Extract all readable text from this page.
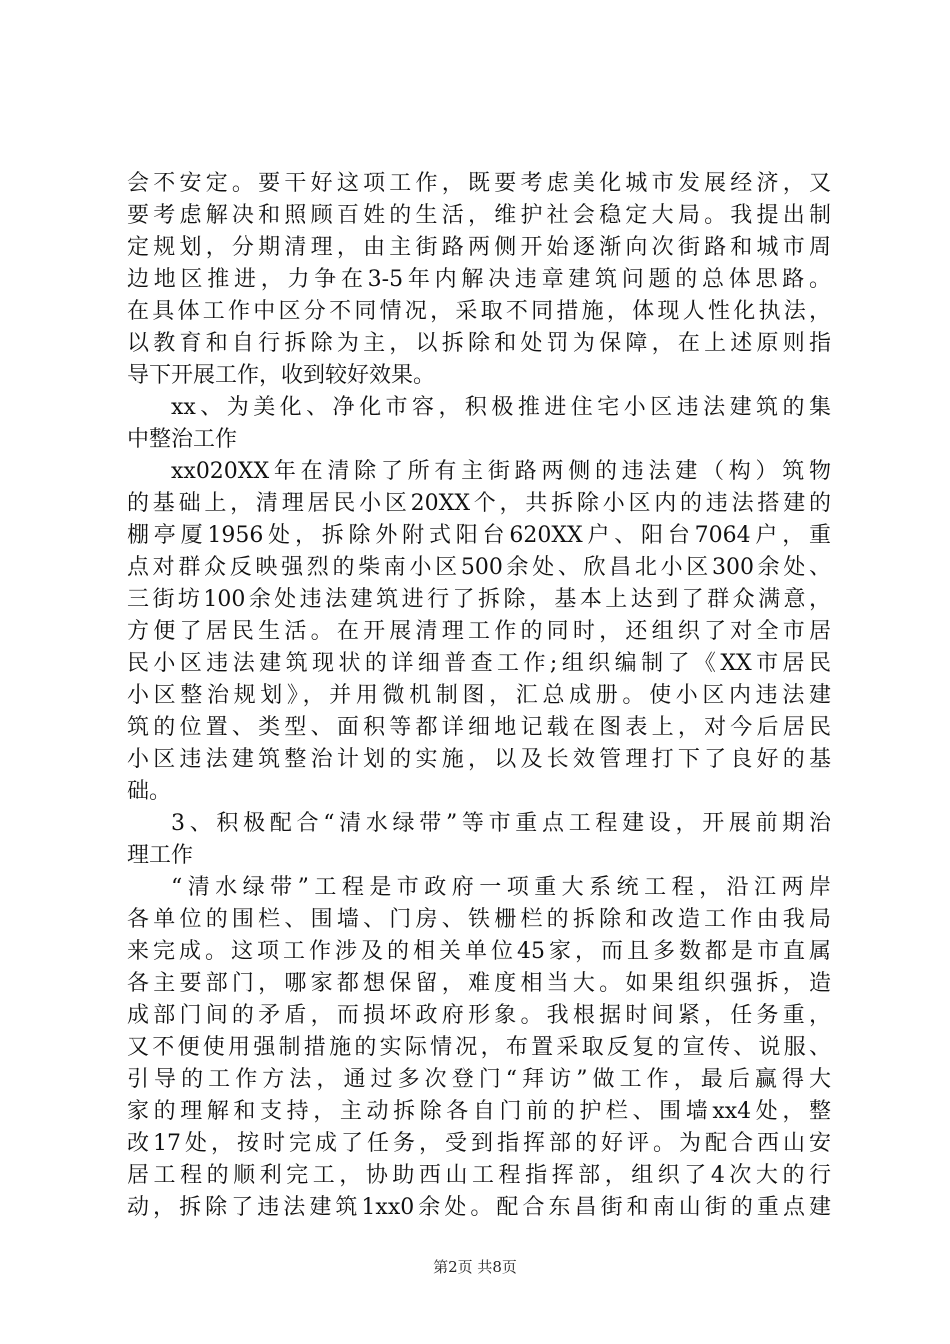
会不安定。要干好这项工作，既要考虑美化城市发展经济，又
要考虑解决和照顾百姓的生活，维护社会稳定大局。我提出制
定规划，分期清理，由主街路两侧开始逐渐向次街路和城市周
边地区推进，力争在3-5年内解决违章建筑问题的总体思路。
在具体工作中区分不同情况，采取不同措施，体现人性化执法，
以教育和自行拆除为主，以拆除和处罚为保障，在上述原则指
导下开展工作，收到较好效果。
xx、为美化、净化市容，积极推进住宅小区违法建筑的集
中整治工作
xx020XX年在清除了所有主街路两侧的违法建（构）筑物
的基础上，清理居民小区20XX个，共拆除小区内的违法搭建的
棚亭厦1956处，拆除外附式阳台620XX户、阳台7064户，重
点对群众反映强烈的柴南小区500余处、欣昌北小区300余处、
三街坊100余处违法建筑进行了拆除，基本上达到了群众满意，
方便了居民生活。在开展清理工作的同时，还组织了对全市居
民小区违法建筑现状的详细普查工作;组织编制了《XX市居民
小区整治规划》，并用微机制图，汇总成册。使小区内违法建
筑的位置、类型、面积等都详细地记载在图表上，对今后居民
小区违法建筑整治计划的实施，以及长效管理打下了良好的基
础。
3、积极配合“清水绿带”等市重点工程建设，开展前期治
理工作
“清水绿带”工程是市政府一项重大系统工程，沿江两岸
各单位的围栏、围墙、门房、铁栅栏的拆除和改造工作由我局
来完成。这项工作涉及的相关单位45家，而且多数都是市直属
各主要部门，哪家都想保留，难度相当大。如果组织强拆，造
成部门间的矛盾，而损坏政府形象。我根据时间紧，任务重，
又不便使用强制措施的实际情况，布置采取反复的宣传、说服、
引导的工作方法，通过多次登门“拜访”做工作，最后赢得大
家的理解和支持，主动拆除各自门前的护栏、围墙xx4处，整
改17处，按时完成了任务，受到指挥部的好评。为配合西山安
居工程的顺利完工，协助西山工程指挥部，组织了4次大的行
动，拆除了违法建筑1xx0余处。配合东昌街和南山街的重点建
第2页 共8页
